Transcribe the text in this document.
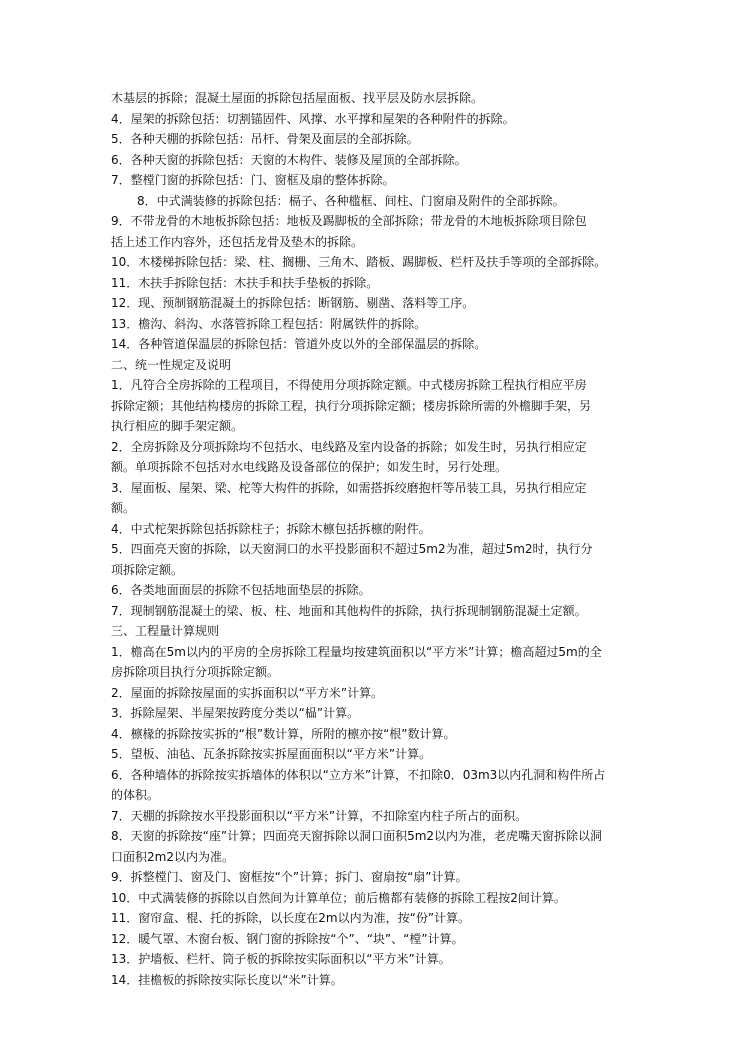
木基层的拆除；混凝土屋面的拆除包括屋面板、找平层及防水层拆除。
4．屋架的拆除包括：切割锚固件、风撑、水平撑和屋架的各种附件的拆除。
5．各种天棚的拆除包括：吊杆、骨架及面层的全部拆除。
6．各种天窗的拆除包括：天窗的木构件、装修及屋顶的全部拆除。
7．整樘门窗的拆除包括：门、窗框及扇的整体拆除。
8．中式满装修的拆除包括：槅子、各种槛框、间柱、门窗扇及附件的全部拆除。
9．不带龙骨的木地板拆除包括：地板及踢脚板的全部拆除；带龙骨的木地板拆除项目除包
括上述工作内容外，还包括龙骨及垫木的拆除。
10．木楼梯拆除包括：梁、柱、搁栅、三角木、踏板、踢脚板、栏杆及扶手等项的全部拆除。
11．木扶手拆除包括：木扶手和扶手垫板的拆除。
12．现、预制钢筋混凝土的拆除包括：断钢筋、剔凿、落料等工序。
13．檐沟、斜沟、水落管拆除工程包括：附属铁件的拆除。
14．各种管道保温层的拆除包括：管道外皮以外的全部保温层的拆除。
二、统一性规定及说明
1．凡符合全房拆除的工程项目，不得使用分项拆除定额。中式楼房拆除工程执行相应平房
拆除定额；其他结构楼房的拆除工程，执行分项拆除定额；楼房拆除所需的外檐脚手架，另
执行相应的脚手架定额。
2．全房拆除及分项拆除均不包括水、电线路及室内设备的拆除；如发生时，另执行相应定
额。单项拆除不包括对水电线路及设备部位的保护；如发生时，另行处理。
3．屋面板、屋架、梁、柁等大构件的拆除，如需搭拆绞磨抱杆等吊装工具，另执行相应定
额。
4．中式柁架拆除包括拆除柱子；拆除木檩包括拆檩的附件。
5．四面亮天窗的拆除，以天窗洞口的水平投影面积不超过5m2为准，超过5m2时，执行分
项拆除定额。
6．各类地面面层的拆除不包括地面垫层的拆除。
7．现制钢筋混凝土的梁、板、柱、地面和其他构件的拆除，执行拆现制钢筋混凝土定额。
三、工程量计算规则
1．檐高在5m以内的平房的全房拆除工程量均按建筑面积以“平方米”计算；檐高超过5m的全
房拆除项目执行分项拆除定额。
2．屋面的拆除按屋面的实拆面积以“平方米”计算。
3．拆除屋架、半屋架按跨度分类以“榀”计算。
4．檩椽的拆除按实拆的“根”数计算，所附的檩亦按“根”数计算。
5．望板、油毡、瓦条拆除按实拆屋面面积以“平方米”计算。
6．各种墙体的拆除按实拆墙体的体积以“立方米”计算，不扣除0．03m3以内孔洞和构件所占
的体积。
7．天棚的拆除按水平投影面积以“平方米”计算，不扣除室内柱子所占的面积。
8．天窗的拆除按“座”计算；四面亮天窗拆除以洞口面积5m2以内为准，老虎嘴天窗拆除以洞
口面积2m2以内为准。
9．拆整樘门、窗及门、窗框按“个”计算；拆门、窗扇按“扇”计算。
10．中式满装修的拆除以自然间为计算单位；前后檐都有装修的拆除工程按2间计算。
11．窗帘盒、棍、托的拆除，以长度在2m以内为准，按“份”计算。
12．暖气罩、木窗台板、钢门窗的拆除按“个”、“块”、“樘”计算。
13．护墙板、栏杆、筒子板的拆除按实际面积以“平方米”计算。
14．挂檐板的拆除按实际长度以“米”计算。
